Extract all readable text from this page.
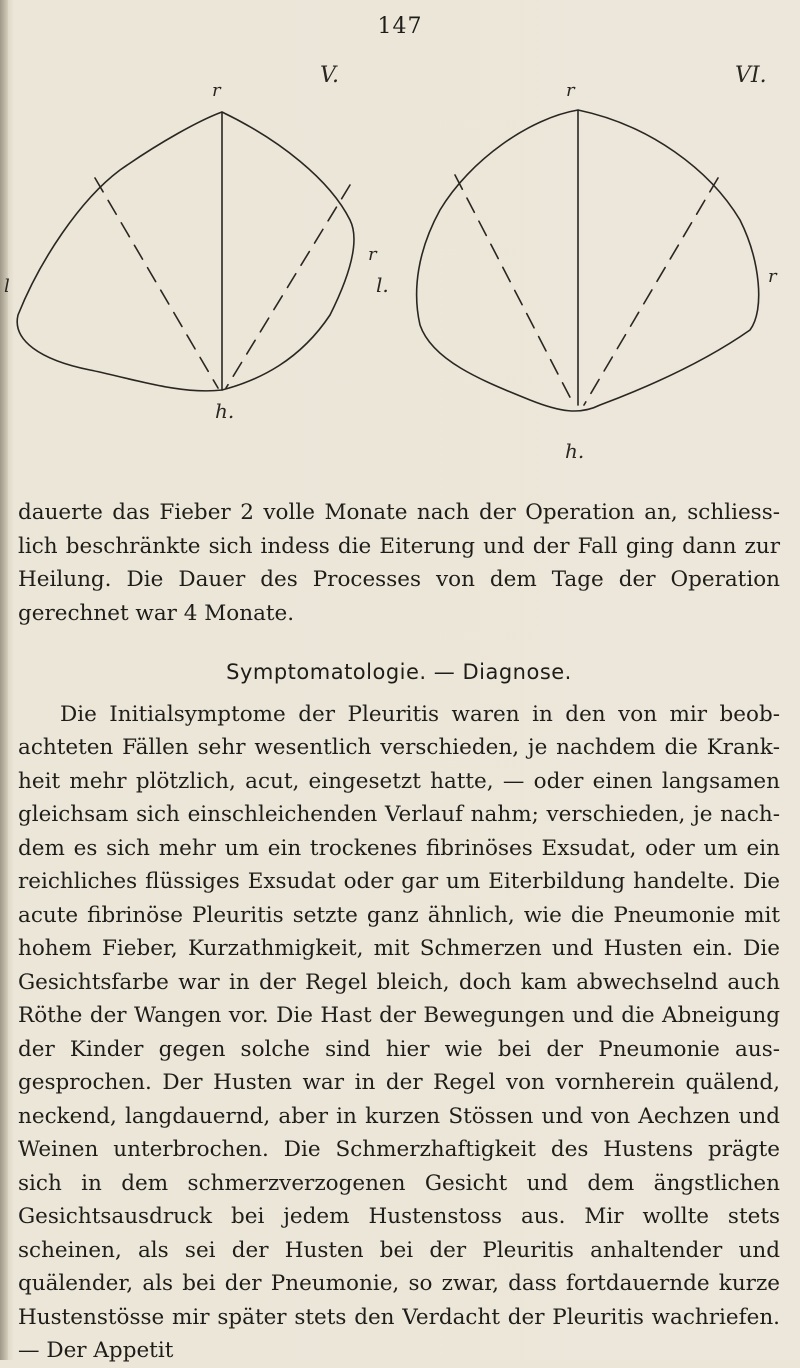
147
V.
r
r
l.
l
h.
VI.
r
r
h.

dauerte das Fieber 2 volle Monate nach der Operation an, schliesslich beschränkte sich indess die Eiterung und der Fall ging dann zur Heilung. Die Dauer des Processes von dem Tage der Operation gerechnet war 4 Monate.

Symptomatologie. — Diagnose.

Die Initialsymptome der Pleuritis waren in den von mir beobachteten Fällen sehr wesentlich verschieden, je nachdem die Krankheit mehr plötzlich, acut, eingesetzt hatte, — oder einen langsamen gleichsam sich einschleichenden Verlauf nahm; verschieden, je nachdem es sich mehr um ein trockenes fibrinöses Exsudat, oder um ein reichliches flüssiges Exsudat oder gar um Eiterbildung handelte. Die acute fibrinöse Pleuritis setzte ganz ähnlich, wie die Pneumonie mit hohem Fieber, Kurzathmigkeit, mit Schmerzen und Husten ein. Die Gesichtsfarbe war in der Regel bleich, doch kam abwechselnd auch Röthe der Wangen vor. Die Hast der Bewegungen und die Abneigung der Kinder gegen solche sind hier wie bei der Pneumonie ausgesprochen. Der Husten war in der Regel von vornherein quälend, neckend, langdauernd, aber in kurzen Stössen und von Aechzen und Weinen unterbrochen. Die Schmerzhaftigkeit des Hustens prägte sich in dem schmerzverzogenen Gesicht und dem ängstlichen Gesichtsausdruck bei jedem Hustenstoss aus. Mir wollte stets scheinen, als sei der Husten bei der Pleuritis anhaltender und quälender, als bei der Pneumonie, so zwar, dass fortdauernde kurze Hustenstösse mir später stets den Verdacht der Pleuritis wachriefen. — Der Appetit
